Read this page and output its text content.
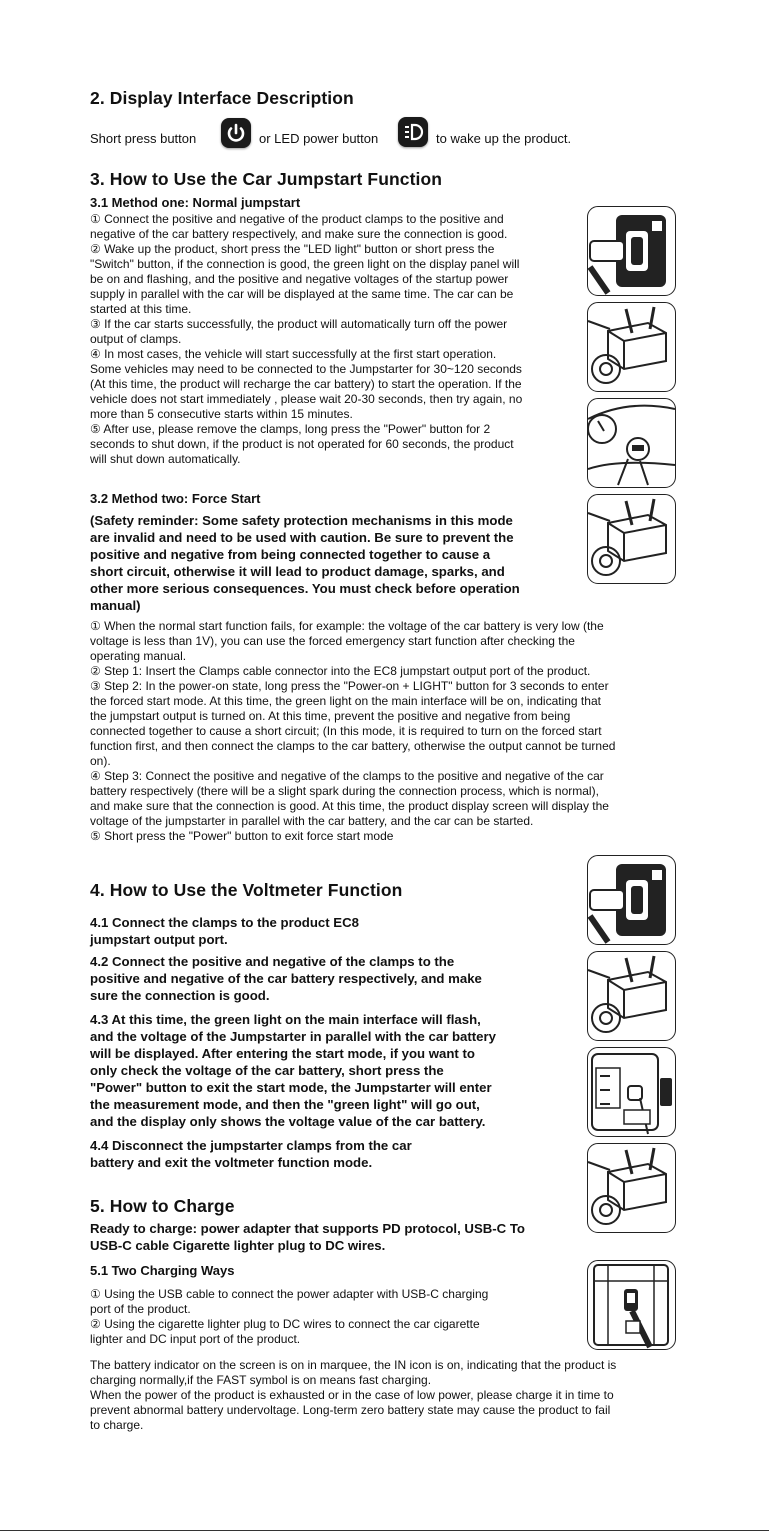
2. Display Interface Description
Short press button	or LED power button	to wake up the product.
3. How to Use the Car Jumpstart Function
3.1 Method one: Normal jumpstart
① Connect the positive and negative of the product clamps to the positive and
negative of the car battery respectively, and make sure the connection is good.
② Wake up the product, short press the "LED light" button or short press the
"Switch" button, if the connection is good, the green light on the display panel will
be on and flashing, and the positive and negative voltages of the startup power
supply in parallel with the car will be displayed at the same time. The car can be
started at this time.
③ If the car starts successfully, the product will automatically turn off the power
output of clamps.
④ In most cases, the vehicle will start successfully at the first start operation.
Some vehicles may need to be connected to the Jumpstarter for 30~120 seconds
(At this time, the product will recharge the car battery) to start the operation. If the
vehicle does not start immediately , please wait 20-30 seconds, then try again, no
more than 5 consecutive starts within 15 minutes.
⑤ After use, please remove the clamps, long press the "Power" button for 2
seconds to shut down, if the product is not operated for 60 seconds, the product
will shut down automatically.
3.2 Method two: Force Start
(Safety reminder: Some safety protection mechanisms in this mode
are invalid and need to be used with caution. Be sure to prevent the
positive and negative from being connected together to cause a
short circuit, otherwise it will lead to product damage, sparks, and
other more serious consequences. You must check before operation
manual)
① When the normal start function fails, for example: the voltage of the car battery is very low (the
voltage is less than 1V), you can use the forced emergency start function after checking the
operating manual.
② Step 1: Insert the Clamps cable connector into the EC8 jumpstart output port of the product.
③ Step 2: In the power-on state, long press the "Power-on + LIGHT" button for 3 seconds to enter
the forced start mode. At this time, the green light on the main interface will be on, indicating that
the jumpstart output is turned on. At this time, prevent the positive and negative from being
connected together to cause a short circuit; (In this mode, it is required to turn on the forced start
function first, and then connect the clamps to the car battery, otherwise the output cannot be turned
on).
④ Step 3: Connect the positive and negative of the clamps to the positive and negative of the car
battery respectively (there will be a slight spark during the connection process, which is normal),
and make sure that the connection is good. At this time, the product display screen will display the
voltage of the jumpstarter in parallel with the car battery, and the car can be started.
⑤ Short press the "Power" button to exit force start mode
4. How to Use the Voltmeter Function
4.1 Connect the clamps to the product EC8
jumpstart output port.
4.2 Connect the positive and negative of the clamps to the
positive and negative of the car battery respectively, and make
sure the connection is good.
4.3 At this time, the green light on the main interface will flash,
and the voltage of the Jumpstarter in parallel with the car battery
will be displayed. After entering the start mode, if you want to
only check the voltage of the car battery, short press the
"Power" button to exit the start mode, the Jumpstarter will enter
the measurement mode, and then the "green light" will go out,
and the display only shows the voltage value of the car battery.
4.4 Disconnect the jumpstarter clamps from the car
battery and exit the voltmeter function mode.
5. How to Charge
Ready to charge: power adapter that supports PD protocol, USB-C To
USB-C cable Cigarette lighter plug to DC wires.
5.1 Two Charging Ways
① Using the USB cable to connect the power adapter with USB-C charging
port of the product.
② Using the cigarette lighter plug to DC wires to connect the car cigarette
lighter and DC input port of the product.
The battery indicator on the screen is on in marquee, the IN icon is on, indicating that the product is
charging normally,if the FAST symbol is on means fast charging.
When the power of the product is exhausted or in the case of low power, please charge it in time to
prevent abnormal battery undervoltage. Long-term zero battery state may cause the product to fail
to charge.
